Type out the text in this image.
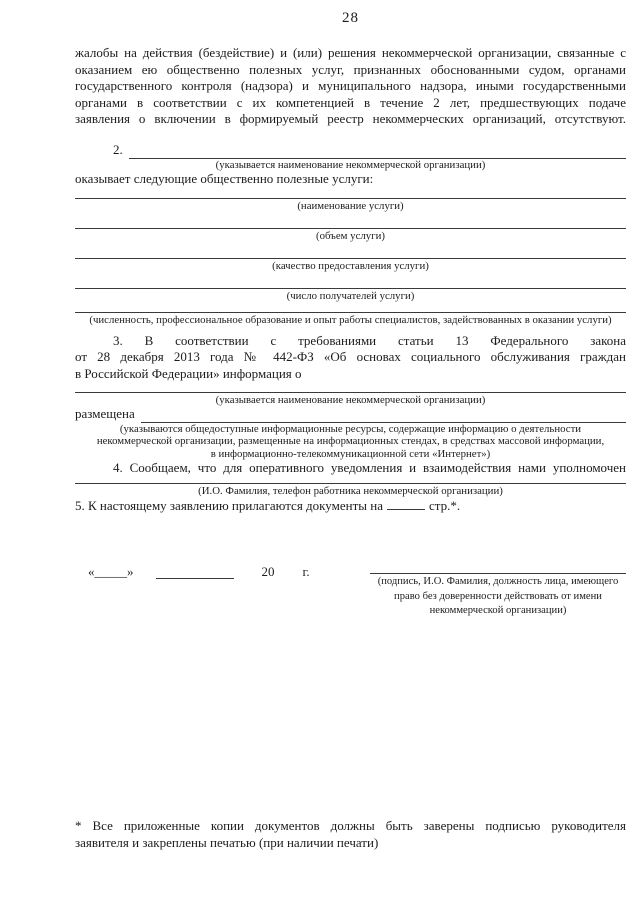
28
жалобы на действия (бездействие) и (или) решения некоммерческой организации, связанные с
оказанием ею общественно полезных услуг, признанных обоснованными судом, органами
государственного контроля (надзора) и муниципального надзора, иными государственными
органами в соответствии с их компетенцией в течение 2 лет, предшествующих подаче
заявления о включении в формируемый реестр некоммерческих организаций, отсутствуют.
2.
(указывается наименование некоммерческой организации)
оказывает следующие общественно полезные услуги:
(наименование услуги)
(объем услуги)
(качество предоставления услуги)
(число получателей услуги)
(численность, профессиональное образование и опыт работы специалистов, задействованных в оказании услуги)
3. В соответствии с требованиями статьи 13 Федерального закона
от 28 декабря 2013 года № 442-ФЗ «Об основах социального обслуживания граждан
в Российской Федерации» информация о
(указывается наименование некоммерческой организации)
размещена
(указываются общедоступные информационные ресурсы, содержащие информацию о деятельности
некоммерческой организации, размещенные на информационных стендах, в средствах массовой информации,
в информационно-телекоммуникационной сети «Интернет»)
4. Сообщаем, что для оперативного уведомления и взаимодействия нами уполномочен
(И.О. Фамилия, телефон работника некоммерческой организации)
5. К настоящему заявлению прилагаются документы на	стр.*.
«_____»	20 г.
(подпись, И.О. Фамилия, должность лица, имеющего
право без доверенности действовать от имени
некоммерческой организации)
* Все приложенные копии документов должны быть заверены подписью руководителя
заявителя и закреплены печатью (при наличии печати)
